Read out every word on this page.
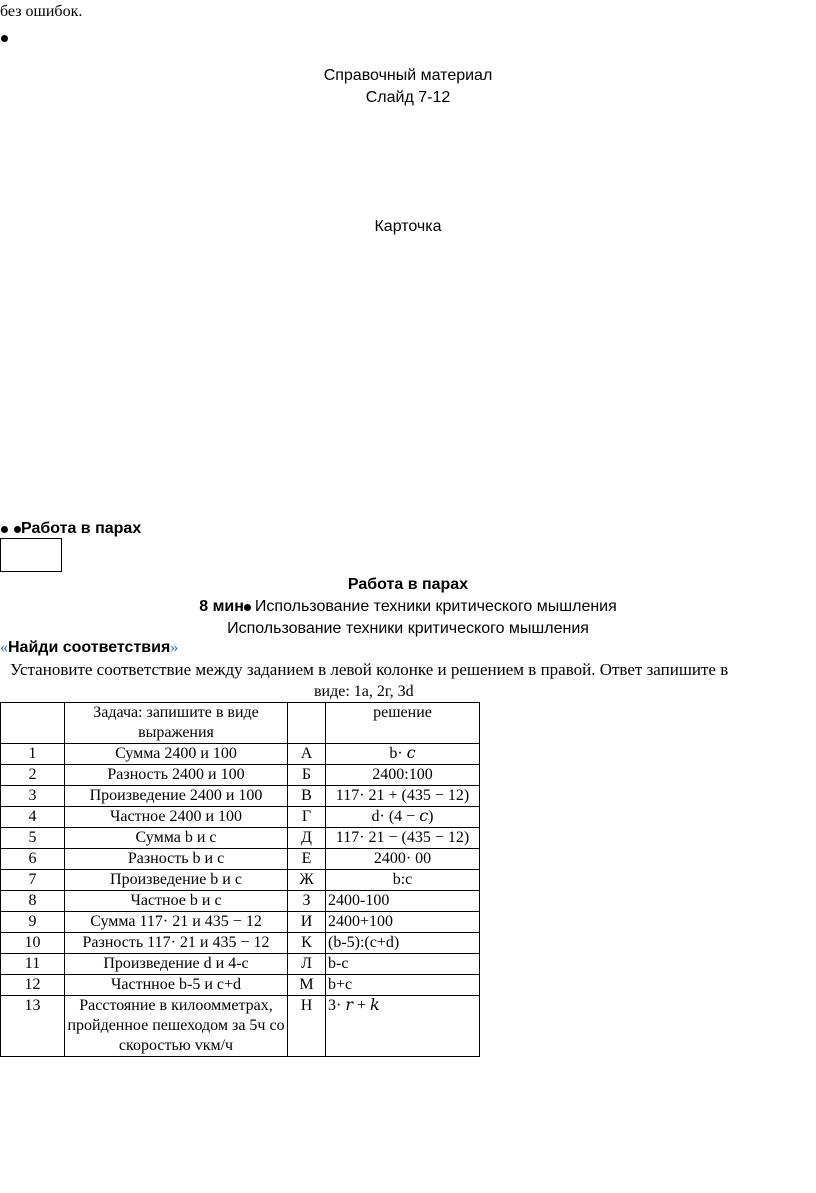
без ошибок.
Справочный материал
Слайд 7-12
Карточка
Работа в парах
Работа в парах
8 мин Использование техники критического мышления
Использование техники критического мышления
«Найди соответствия»
Установите соответствие между заданием в левой колонке и решением в правой. Ответ запишите в
виде: 1а, 2г, 3d
	Задача: запишите в виде выражения		решение
1	Сумма 2400 и 100	А	b· 𝑐
2	Разность 2400 и 100	Б	2400:100
3	Произведение 2400 и 100	В	117· 21 + (435 − 12)
4	Частное 2400 и 100	Г	d· (4 − 𝑐)
5	Сумма b и с	Д	117· 21 − (435 − 12)
6	Разность b и с	Е	2400· 00
7	Произведение b и с	Ж	b:c
8	Частное b и с	З	2400-100
9	Сумма 117· 21 и 435 − 12	И	2400+100
10	Разность 117· 21 и 435 − 12	К	(b-5):(c+d)
11	Произведение d и 4-с	Л	b-c
12	Частнное b-5 и c+d	М	b+c
13	Расстояние в килоомметрах, пройденное пешеходом за 5ч со скоростью vкм/ч	Н	3· 𝑟 + 𝑘
